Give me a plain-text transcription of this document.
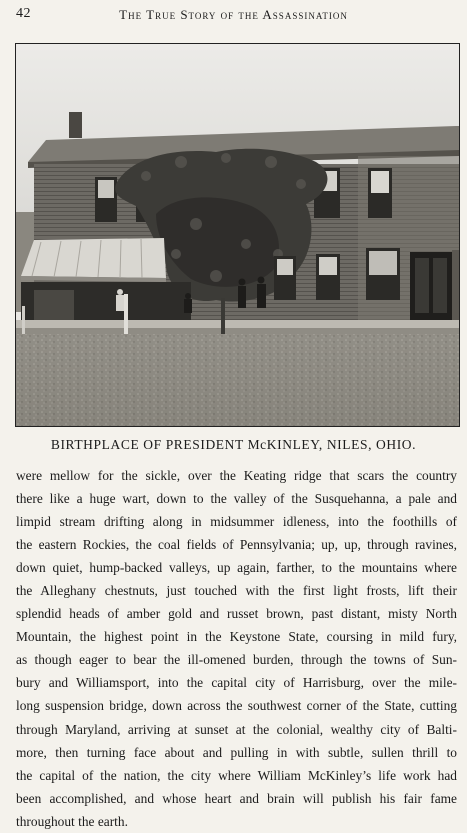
42	The True Story of the Assassination
BIRTHPLACE OF PRESIDENT McKINLEY, NILES, OHIO.
were mellow for the sickle, over the Keating ridge that scars the country
there like a huge wart, down to the valley of the Susquehanna, a pale and
limpid stream drifting along in midsummer idleness, into the foothills of
the eastern Rockies, the coal fields of Pennsylvania; up, up, through ravines,
down quiet, hump-backed valleys, up again, farther, to the mountains where
the Alleghany chestnuts, just touched with the first light frosts, lift their
splendid heads of amber gold and russet brown, past distant, misty North
Mountain, the highest point in the Keystone State, coursing in mild fury,
as though eager to bear the ill-omened burden, through the towns of Sun-
bury and Williamsport, into the capital city of Harrisburg, over the mile-
long suspension bridge, down across the southwest corner of the State, cutting
through Maryland, arriving at sunset at the colonial, wealthy city of Balti-
more, then turning face about and pulling in with subtle, sullen thrill to
the capital of the nation, the city where William McKinley’s life work had
been accomplished, and whose heart and brain will publish his fair fame
throughout the earth.
